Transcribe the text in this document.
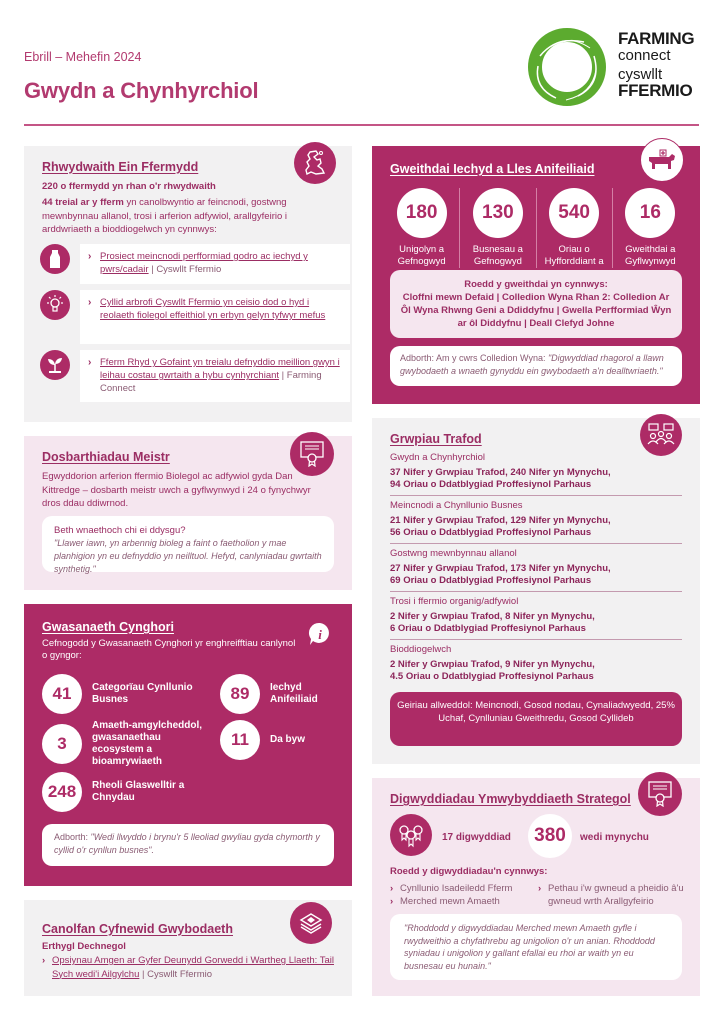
Ebrill – Mehefin 2024
Gwydn a Chynhyrchiol
FARMING
connect
cyswllt
FFERMIO
Rhwydwaith Ein Ffermydd
220 o ffermydd yn rhan o'r rhwydwaith
44 treial ar y fferm yn canolbwyntio ar feincnodi, gostwng mewnbynnau allanol, trosi i arferion adfywiol, arallgyfeirio i arddwriaeth a bioddiogelwch yn cynnwys:
› Prosiect meincnodi perfformiad godro ac iechyd y pwrs/cadair | Cyswllt Ffermio
› Cyllid arbrofi Cyswllt Ffermio yn ceisio dod o hyd i reolaeth fiolegol effeithiol yn erbyn gelyn tyfwyr mefus
› Fferm Rhyd y Gofaint yn treialu defnyddio meillion gwyn i leihau costau gwrtaith a hybu cynhyrchiant | Farming Connect
Gweithdai Iechyd a Lles Anifeiliaid
180
Unigolyn a Gefnogwyd
130
Busnesau a Gefnogwyd
540
Oriau o Hyfforddiant a
16
Gweithdai a Gyflwynwyd
Roedd y gweithdai yn cynnwys:
Cloffni mewn Defaid | Colledion Wyna Rhan 2: Colledion Ar Ôl Wyna Rhwng Geni a Ddiddyfnu | Gwella Perfformiad Ŵyn ar ôl Diddyfnu | Deall Clefyd Johne
Adborth: Am y cwrs Colledion Wyna: "Digwyddiad rhagorol a llawn gwybodaeth a wnaeth gynyddu ein gwybodaeth a'n dealltwriaeth."
Dosbarthiadau Meistr
Egwyddorion arferion ffermio Biolegol ac adfywiol gyda Dan Kittredge – dosbarth meistr uwch a gyflwynwyd i 24 o fynychwyr dros ddau ddiwrnod.
Beth wnaethoch chi ei ddysgu?
"Llawer iawn, yn arbennig bioleg a faint o faetholion y mae planhigion yn eu defnyddio yn neilltuol. Hefyd, canlyniadau gwrtaith synthetig."
Gwasanaeth Cynghori	i
Cefnogodd y Gwasanaeth Cynghori yr enghreifftiau canlynol o gyngor:
41	Categorïau Cynllunio Busnes	89	Iechyd Anifeiliaid
3
Amaeth-amgylcheddol, gwasanaethau ecosystem a bioamrywiaeth
11	Da byw
248	Rheoli Glaswelltir a Chnydau
Adborth: "Wedi llwyddo i brynu'r 5 lleoliad gwyliau gyda chymorth y cyllid o'r cynllun busnes".
Canolfan Cyfnewid Gwybodaeth
Erthygl Dechnegol
› Opsiynau Amgen ar Gyfer Deunydd Gorwedd i Wartheg Llaeth: Tail Sych wedi'i Ailgylchu | Cyswllt Ffermio
Grwpiau Trafod
Gwydn a Chynhyrchiol
37 Nifer y Grwpiau Trafod, 240 Nifer yn Mynychu,
94 Oriau o Ddatblygiad Proffesiynol Parhaus
Meincnodi a Chynllunio Busnes
21 Nifer y Grwpiau Trafod, 129 Nifer yn Mynychu,
56 Oriau o Ddatblygiad Proffesiynol Parhaus
Gostwng mewnbynnau allanol
27 Nifer y Grwpiau Trafod, 173 Nifer yn Mynychu,
69 Oriau o Ddatblygiad Proffesiynol Parhaus
Trosi i ffermio organig/adfywiol
2 Nifer y Grwpiau Trafod, 8 Nifer yn Mynychu,
6 Oriau o Ddatblygiad Proffesiynol Parhaus
Bioddiogelwch
2 Nifer y Grwpiau Trafod, 9 Nifer yn Mynychu,
4.5 Oriau o Ddatblygiad Proffesiynol Parhaus
Geiriau allweddol: Meincnodi, Gosod nodau, Cynaliadwyedd, 25% Uchaf, Cynlluniau Gweithredu, Gosod Cyllideb
Digwyddiadau Ymwybyddiaeth Strategol
17 digwyddiad	380	wedi mynychu
Roedd y digwyddiadau'n cynnwys:
› Cynllunio Isadeiledd Fferm
› Merched mewn Amaeth
› Pethau i'w gwneud a pheidio â'u gwneud wrth Arallgyfeirio
"Rhoddodd y digwyddiadau Merched mewn Amaeth gyfle i rwydweithio a chyfathrebu ag unigolion o'r un anian. Rhoddodd syniadau i unigolion y gallant efallai eu rhoi ar waith yn eu busnesau eu hunain."
